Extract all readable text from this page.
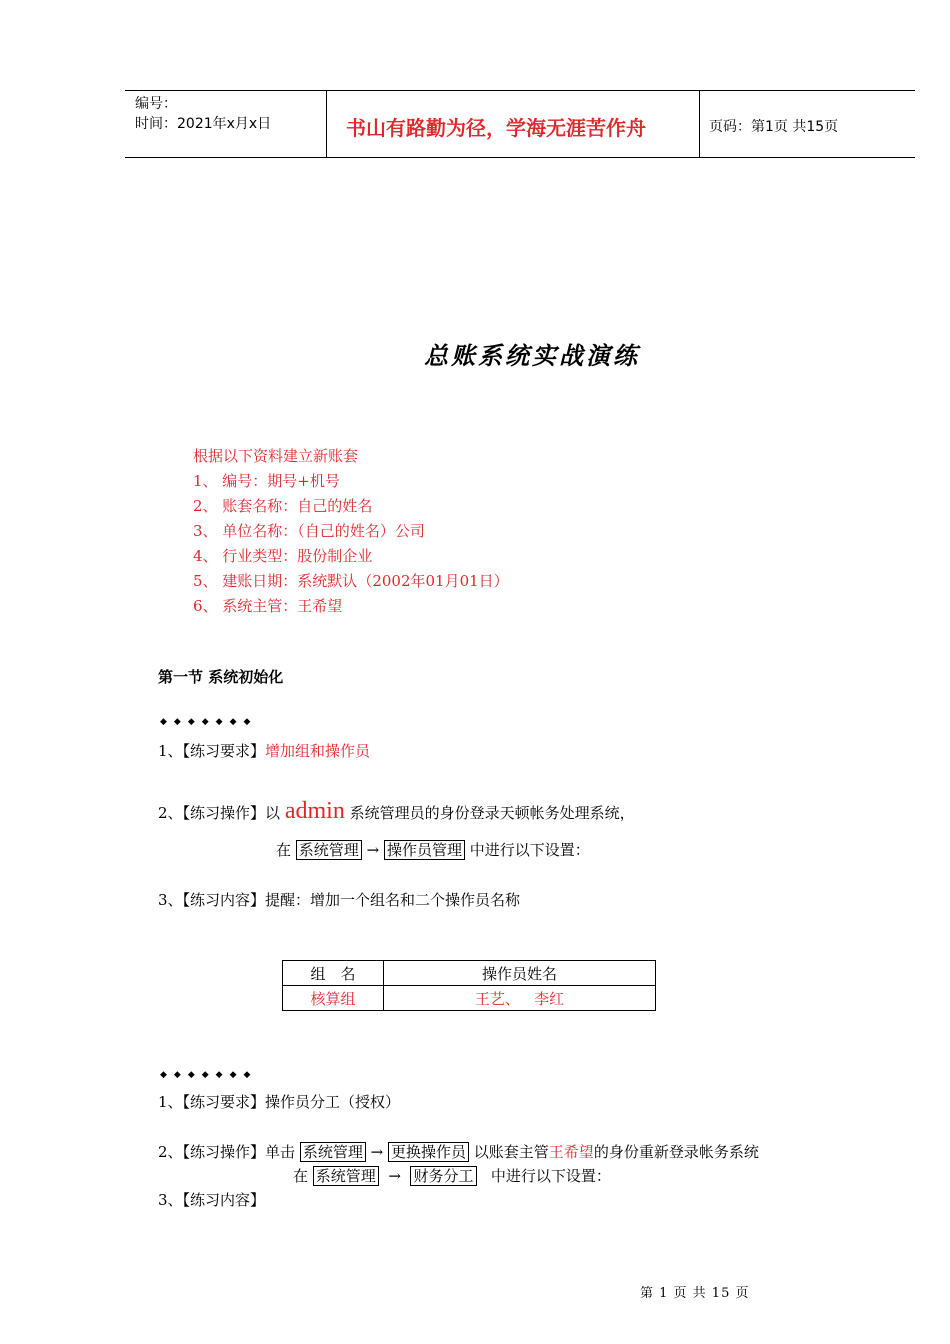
编号：
时间：2021年x月x日	书山有路勤为径，学海无涯苦作舟	页码：第1页 共15页
总账系统实战演练
根据以下资料建立新账套
1、 编号：期号+机号
2、 账套名称：自己的姓名
3、 单位名称：（自己的姓名）公司
4、 行业类型：股份制企业
5、 建账日期：系统默认（2002年01月01日）
6、 系统主管：王希望
第一节 系统初始化
◆◆◆◆◆◆◆
1、【练习要求】增加组和操作员
2、【练习操作】以 admin 系统管理员的身份登录天顿帐务处理系统，
在 系统管理 → 操作员管理 中进行以下设置：
3、【练习内容】提醒：增加一个组名和二个操作员名称
组　名	操作员姓名
核算组	王艺、   李红
◆◆◆◆◆◆◆
1、【练习要求】操作员分工（授权）
2、【练习操作】单击 系统管理 → 更换操作员 以账套主管王希望的身份重新登录帐务系统
在 系统管理 → 财务分工 中进行以下设置：
3、【练习内容】
第 1 页 共 15 页
